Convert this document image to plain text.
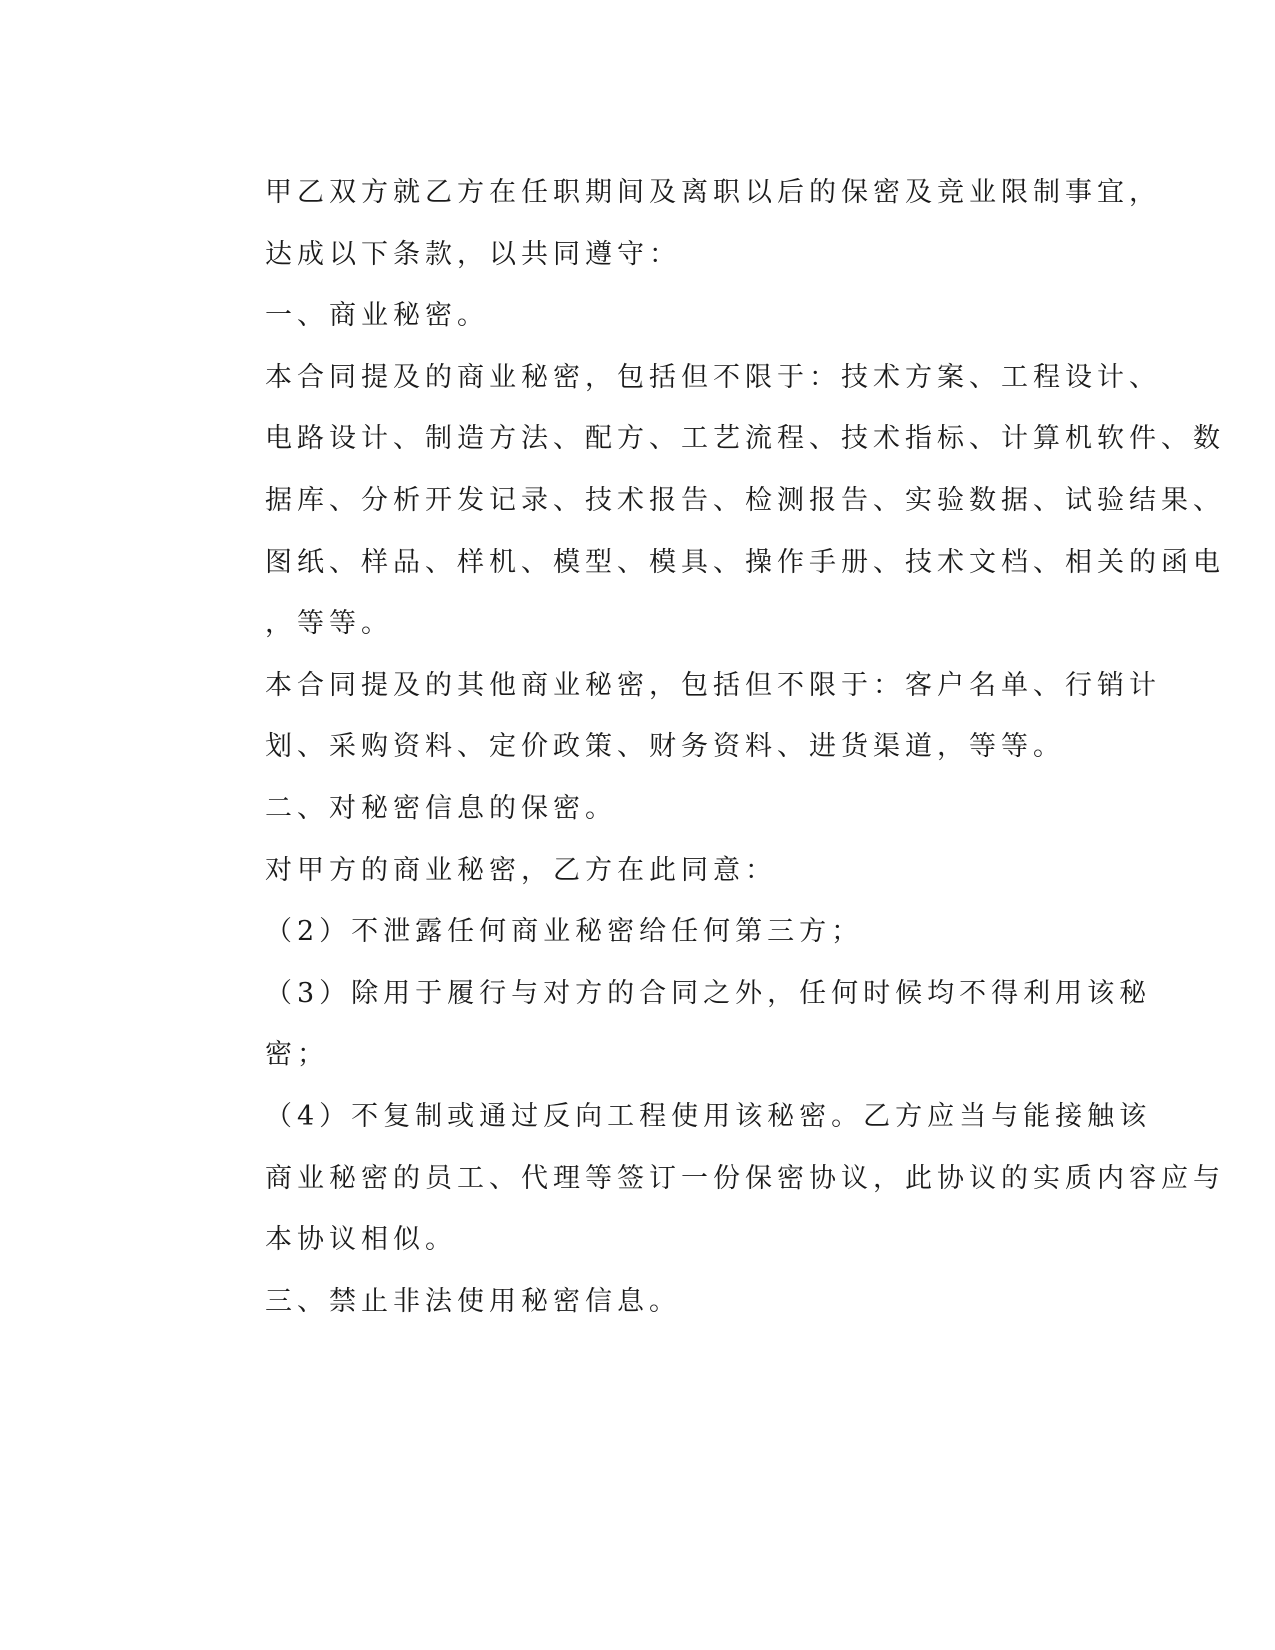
甲乙双方就乙方在任职期间及离职以后的保密及竞业限制事宜，
达成以下条款，以共同遵守：

一、商业秘密。

本合同提及的商业秘密，包括但不限于：技术方案、工程设计、
电路设计、制造方法、配方、工艺流程、技术指标、计算机软件、数
据库、分析开发记录、技术报告、检测报告、实验数据、试验结果、
图纸、样品、样机、模型、模具、操作手册、技术文档、相关的函电
，等等。

本合同提及的其他商业秘密，包括但不限于：客户名单、行销计
划、采购资料、定价政策、财务资料、进货渠道，等等。

二、对秘密信息的保密。

对甲方的商业秘密，乙方在此同意：

（2）不泄露任何商业秘密给任何第三方；

（3）除用于履行与对方的合同之外，任何时候均不得利用该秘
密；

（4）不复制或通过反向工程使用该秘密。乙方应当与能接触该
商业秘密的员工、代理等签订一份保密协议，此协议的实质内容应与
本协议相似。

三、禁止非法使用秘密信息。
